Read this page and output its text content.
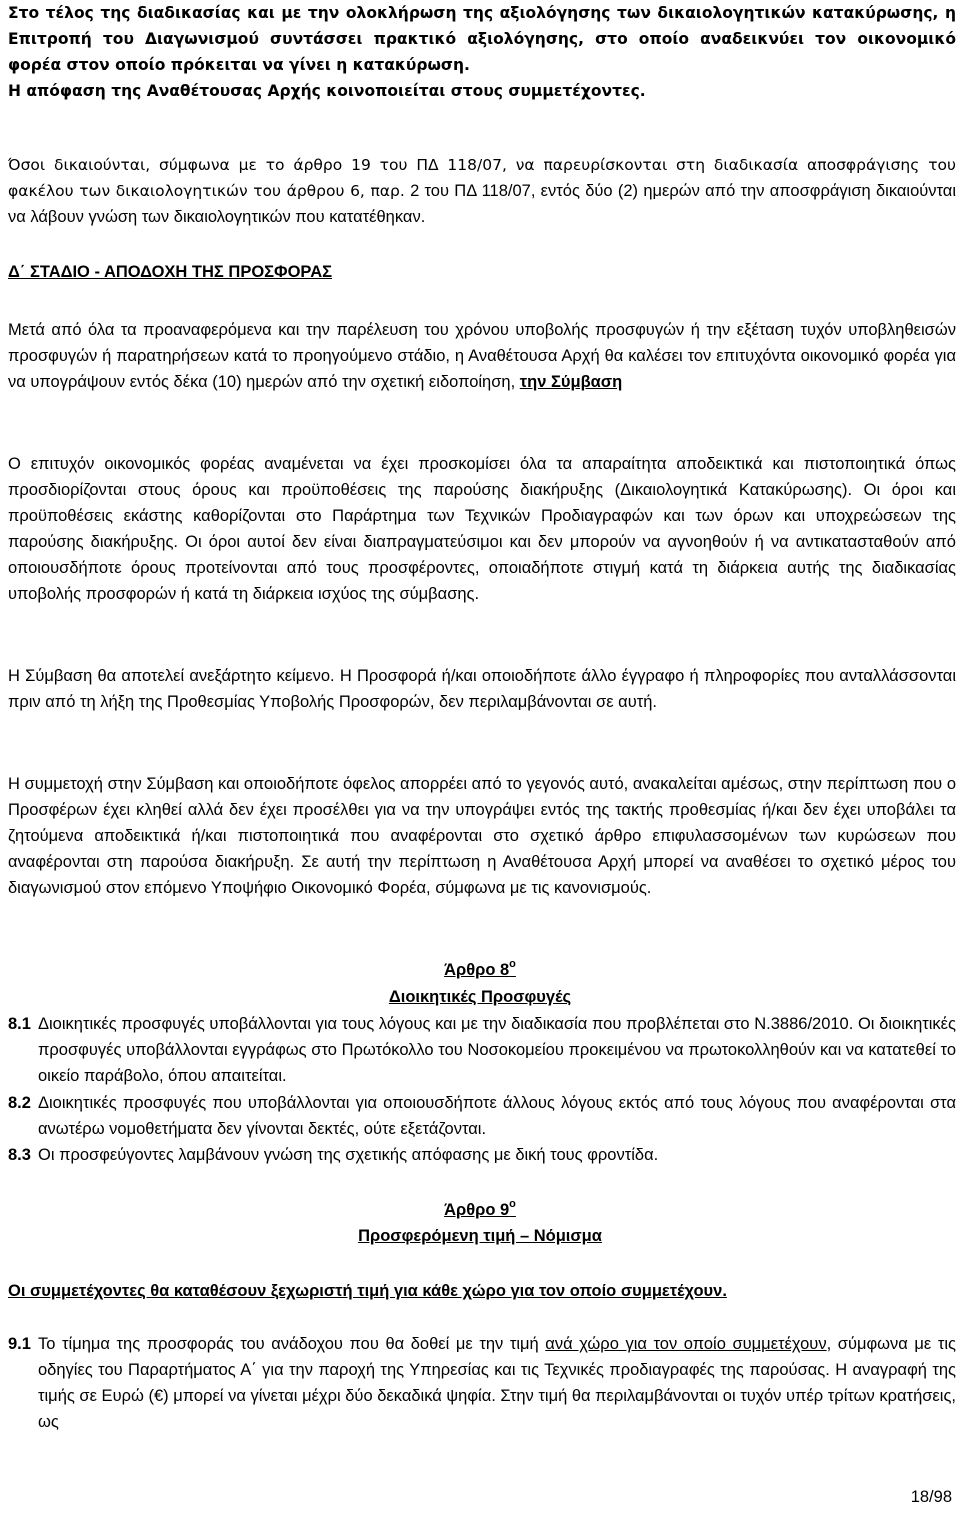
Στο τέλος της διαδικασίας και με την ολοκλήρωση της αξιολόγησης των δικαιολογητικών κατακύρωσης, η Επιτροπή του Διαγωνισμού συντάσσει πρακτικό αξιολόγησης, στο οποίο αναδεικνύει τον οικονομικό φορέα στον οποίο πρόκειται να γίνει η κατακύρωση.
Η απόφαση της Αναθέτουσας Αρχής κοινοποιείται στους συμμετέχοντες.

Όσοι δικαιούνται, σύμφωνα με το άρθρο 19 του ΠΔ 118/07, να παρευρίσκονται στη διαδικασία αποσφράγισης του φακέλου των δικαιολογητικών του άρθρου 6, παρ. 2 του ΠΔ 118/07, εντός δύο (2) ημερών από την αποσφράγιση δικαιούνται να λάβουν γνώση των δικαιολογητικών που κατατέθηκαν.

Δ΄ ΣΤΑΔΙΟ - ΑΠΟΔΟΧΗ ΤΗΣ ΠΡΟΣΦΟΡΑΣ

Μετά από όλα τα προαναφερόμενα και την παρέλευση του χρόνου υποβολής προσφυγών ή την εξέταση τυχόν υποβληθεισών προσφυγών ή παρατηρήσεων κατά το προηγούμενο στάδιο, η Αναθέτουσα Αρχή θα καλέσει τον επιτυχόντα οικονομικό φορέα για να υπογράψουν εντός δέκα (10) ημερών από την σχετική ειδοποίηση, την Σύμβαση

Ο επιτυχόν οικονομικός φορέας αναμένεται να έχει προσκομίσει όλα τα απαραίτητα αποδεικτικά και πιστοποιητικά όπως προσδιορίζονται στους όρους και προϋποθέσεις της παρούσης διακήρυξης (Δικαιολογητικά Κατακύρωσης). Οι όροι και προϋποθέσεις εκάστης καθορίζονται στο Παράρτημα των Τεχνικών Προδιαγραφών και των όρων και υποχρεώσεων της παρούσης διακήρυξης. Οι όροι αυτοί δεν είναι διαπραγματεύσιμοι και δεν μπορούν να αγνοηθούν ή να αντικατασταθούν από οποιουσδήποτε όρους προτείνονται από τους προσφέροντες, οποιαδήποτε στιγμή κατά τη διάρκεια αυτής της διαδικασίας υποβολής προσφορών ή κατά τη διάρκεια ισχύος της σύμβασης.

Η Σύμβαση θα αποτελεί ανεξάρτητο κείμενο. Η Προσφορά ή/και οποιοδήποτε άλλο έγγραφο ή πληροφορίες που ανταλλάσσονται πριν από τη λήξη της Προθεσμίας Υποβολής Προσφορών, δεν περιλαμβάνονται σε αυτή.

Η συμμετοχή στην Σύμβαση και οποιοδήποτε όφελος απορρέει από το γεγονός αυτό, ανακαλείται αμέσως, στην περίπτωση που ο Προσφέρων έχει κληθεί αλλά δεν έχει προσέλθει για να την υπογράψει εντός της τακτής προθεσμίας ή/και δεν έχει υποβάλει τα ζητούμενα αποδεικτικά ή/και πιστοποιητικά που αναφέρονται στο σχετικό άρθρο επιφυλασσομένων των κυρώσεων που αναφέρονται στη παρούσα διακήρυξη. Σε αυτή την περίπτωση η Αναθέτουσα Αρχή μπορεί να αναθέσει το σχετικό μέρος του διαγωνισμού στον επόμενο Υποψήφιο Οικονομικό Φορέα, σύμφωνα με τις κανονισμούς.

Άρθρο $8^o$

Διοικητικές Προσφυγές

8.1 Διοικητικές προσφυγές υποβάλλονται για τους λόγους και με την διαδικασία που προβλέπεται στο Ν.3886/2010. Οι διοικητικές προσφυγές υποβάλλονται εγγράφως στο Πρωτόκολλο του Νοσοκομείου προκειμένου να πρωτοκολληθούν και να κατατεθεί το οικείο παράβολο, όπου απαιτείται.
8.2 Διοικητικές προσφυγές που υποβάλλονται για οποιουσδήποτε άλλους λόγους εκτός από τους λόγους που αναφέρονται στα ανωτέρω νομοθετήματα δεν γίνονται δεκτές, ούτε εξετάζονται.
8.3 Οι προσφεύγοντες λαμβάνουν γνώση της σχετικής απόφασης με δική τους φροντίδα.

Άρθρο $9^o$

Προσφερόμενη τιμή – Νόμισμα

Οι συμμετέχοντες θα καταθέσουν ξεχωριστή τιμή για κάθε χώρο για τον οποίο συμμετέχουν.

9.1 Το τίμημα της προσφοράς του ανάδοχου που θα δοθεί με την τιμή ανά χώρο για τον οποίο συμμετέχουν, σύμφωνα με τις οδηγίες του Παραρτήματος Α΄ για την παροχή της Υπηρεσίας και τις Τεχνικές προδιαγραφές της παρούσας. Η αναγραφή της τιμής σε Ευρώ (€) μπορεί να γίνεται μέχρι δύο δεκαδικά ψηφία. Στην τιμή θα περιλαμβάνονται οι τυχόν υπέρ τρίτων κρατήσεις, ως
18/98
